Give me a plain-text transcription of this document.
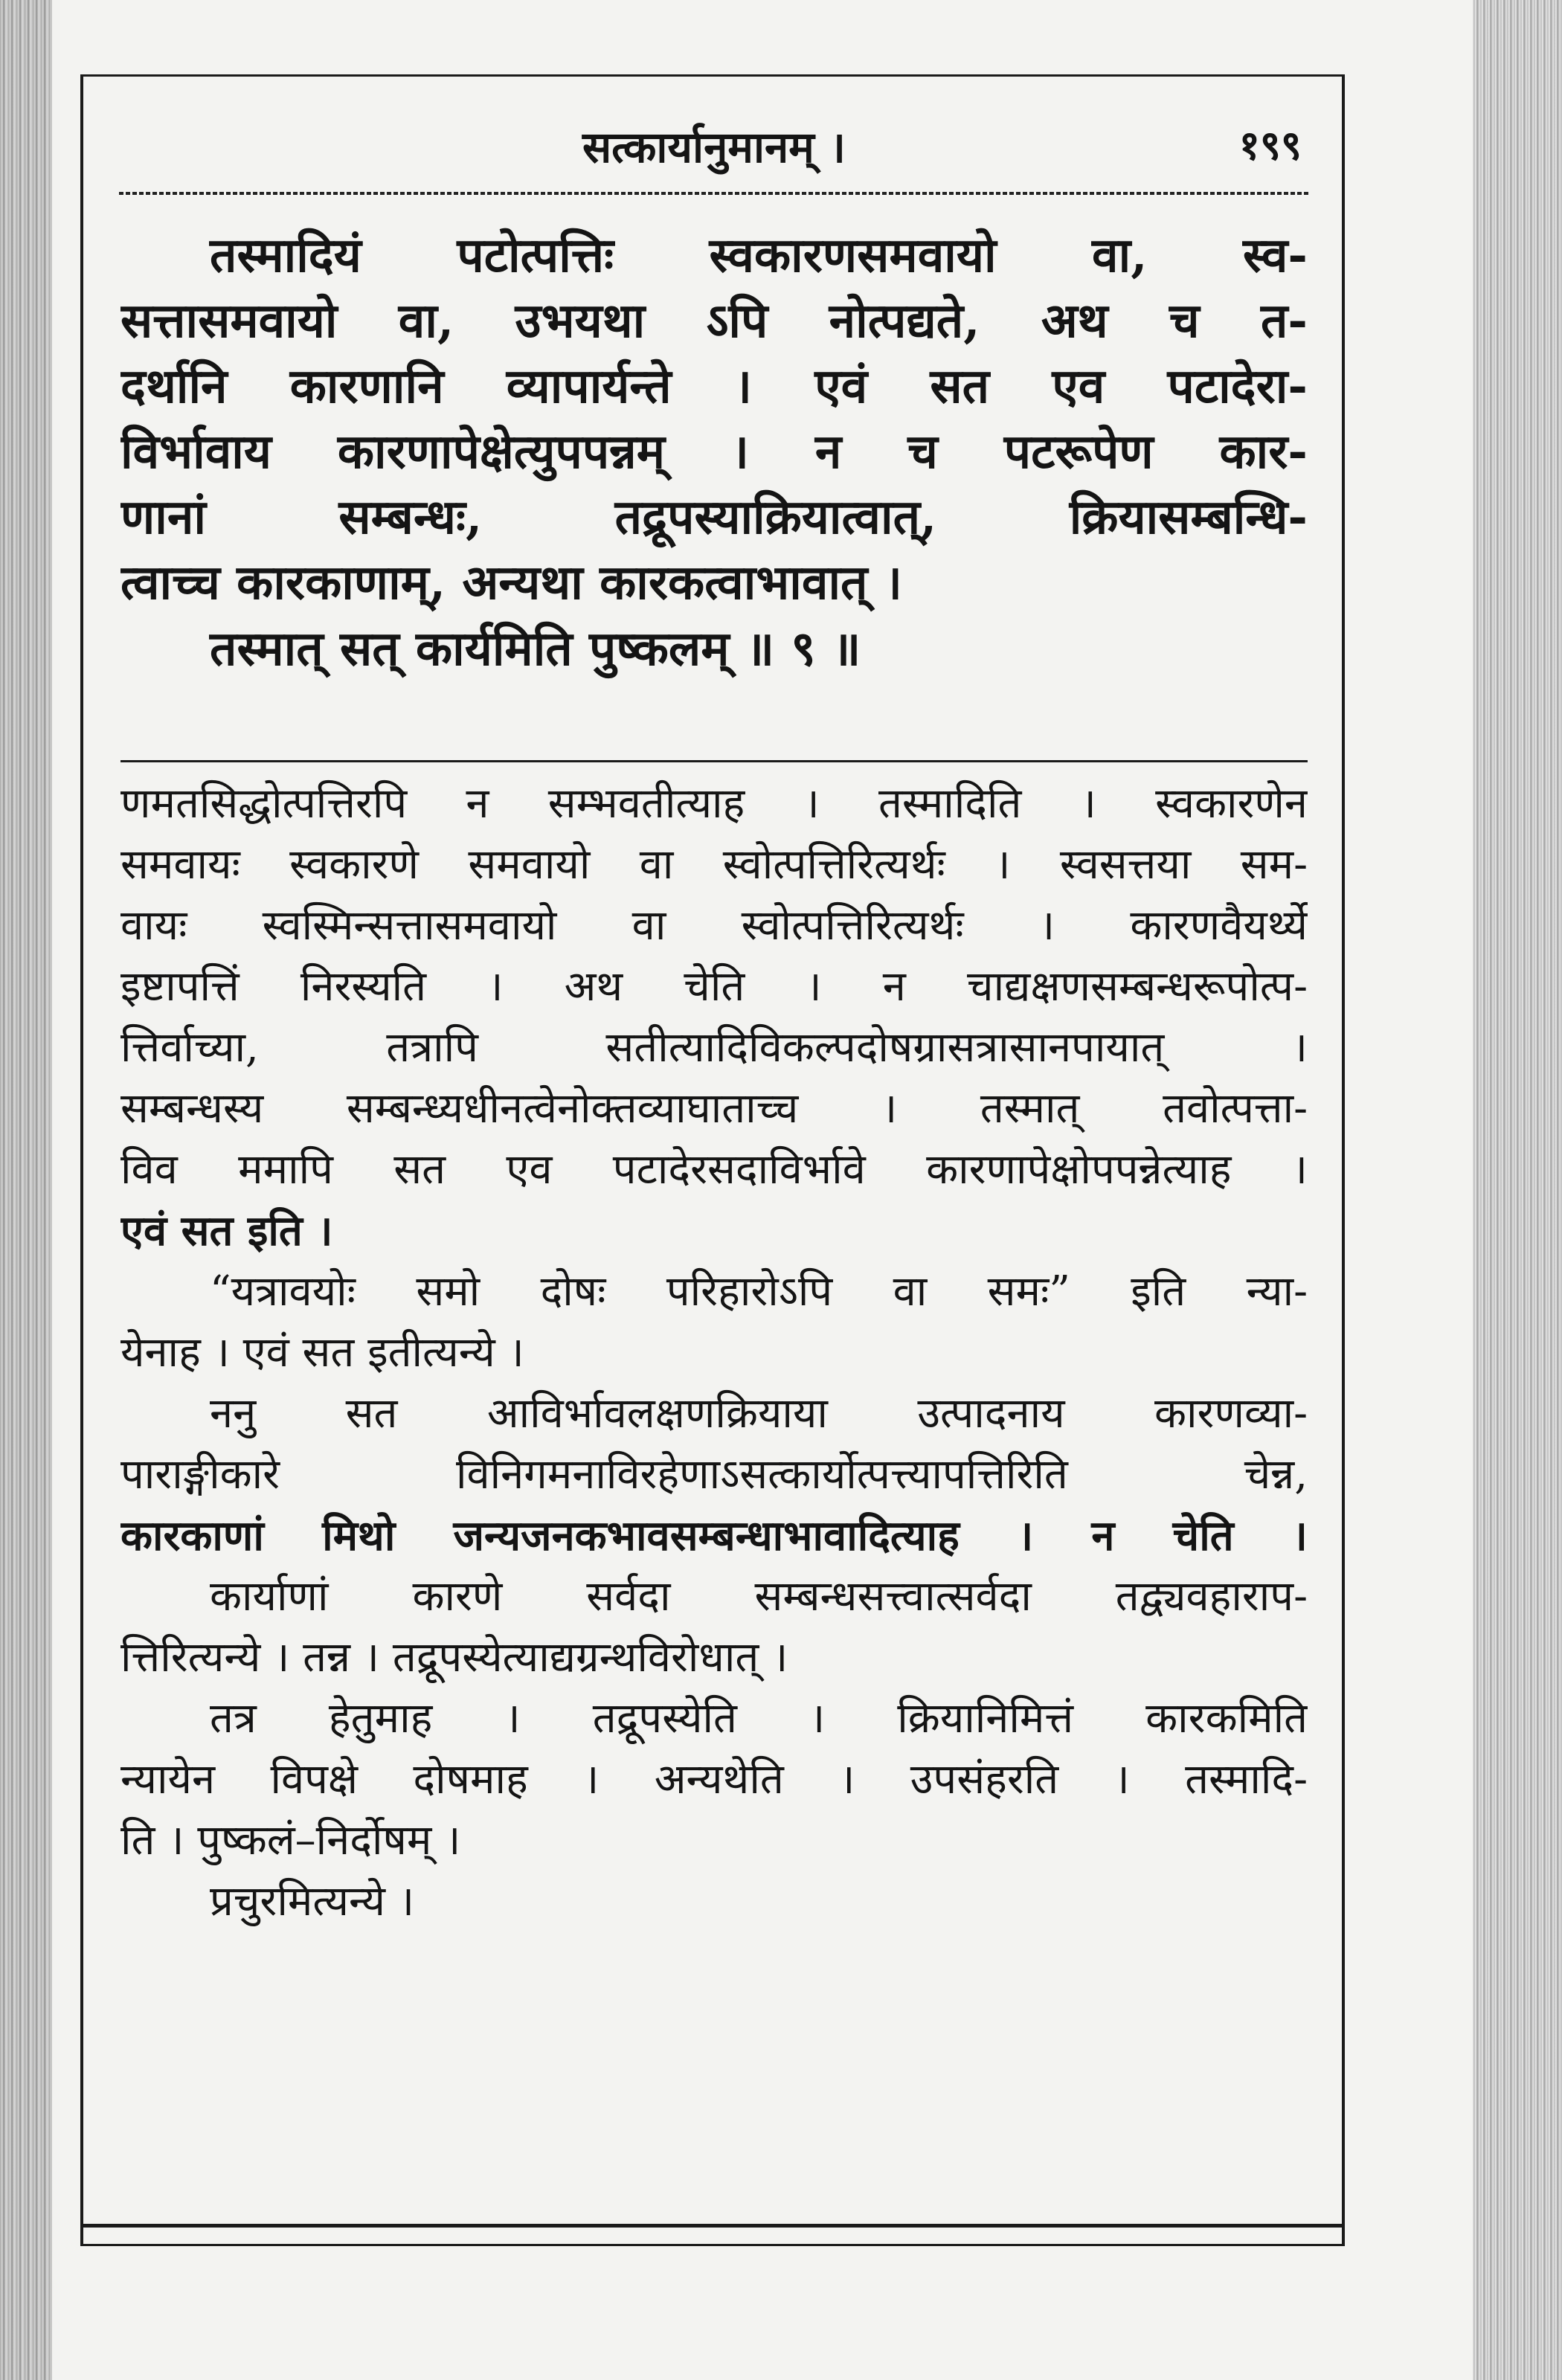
सत्कार्यानुमानम् ।	१९९
तस्मादियं पटोत्पत्तिः स्वकारणसमवायो वा, स्व-
सत्तासमवायो वा, उभयथा ऽपि नोत्पद्यते, अथ च त-
दर्थानि कारणानि व्यापार्यन्ते । एवं सत एव पटादेरा-
विर्भावाय कारणापेक्षेत्युपपन्नम् । न च पटरूपेण कार-
णानां सम्बन्धः, तद्रूपस्याक्रियात्वात्, क्रियासम्बन्धि-
त्वाच्च कारकाणाम्, अन्यथा कारकत्वाभावात् ।
तस्मात् सत् कार्यमिति पुष्कलम् ॥ ९ ॥
णमतसिद्धोत्पत्तिरपि न सम्भवतीत्याह । तस्मादिति । स्वकारणेन
समवायः स्वकारणे समवायो वा स्वोत्पत्तिरित्यर्थः । स्वसत्तया सम-
वायः स्वस्मिन्सत्तासमवायो वा स्वोत्पत्तिरित्यर्थः । कारणवैयर्थ्ये
इष्टापत्तिं निरस्यति । अथ चेति । न चाद्यक्षणसम्बन्धरूपोत्प-
त्तिर्वाच्या, तत्रापि सतीत्यादिविकल्पदोषग्रासत्रासानपायात् ।
सम्बन्धस्य सम्बन्ध्यधीनत्वेनोक्तव्याघाताच्च । तस्मात् तवोत्पत्ता-
विव ममापि सत एव पटादेरसदाविर्भावे कारणापेक्षोपपन्नेत्याह ।
एवं सत इति ।
“यत्रावयोः समो दोषः परिहारोऽपि वा समः” इति न्या-
येनाह । एवं सत इतीत्यन्ये ।
ननु सत आविर्भावलक्षणक्रियाया उत्पादनाय कारणव्या-
पाराङ्गीकारे विनिगमनाविरहेणाऽसत्कार्योत्पत्त्यापत्तिरिति चेन्न,
कारकाणां मिथो जन्यजनकभावसम्बन्धाभावादित्याह । न चेति ।
कार्याणां कारणे सर्वदा सम्बन्धसत्त्वात्सर्वदा तद्व्यवहाराप-
त्तिरित्यन्ये । तन्न । तद्रूपस्येत्याद्यग्रन्थविरोधात् ।
तत्र हेतुमाह । तद्रूपस्येति । क्रियानिमित्तं कारकमिति
न्यायेन विपक्षे दोषमाह । अन्यथेति । उपसंहरति । तस्मादि-
ति । पुष्कलं–निर्दोषम् ।
प्रचुरमित्यन्ये ।
